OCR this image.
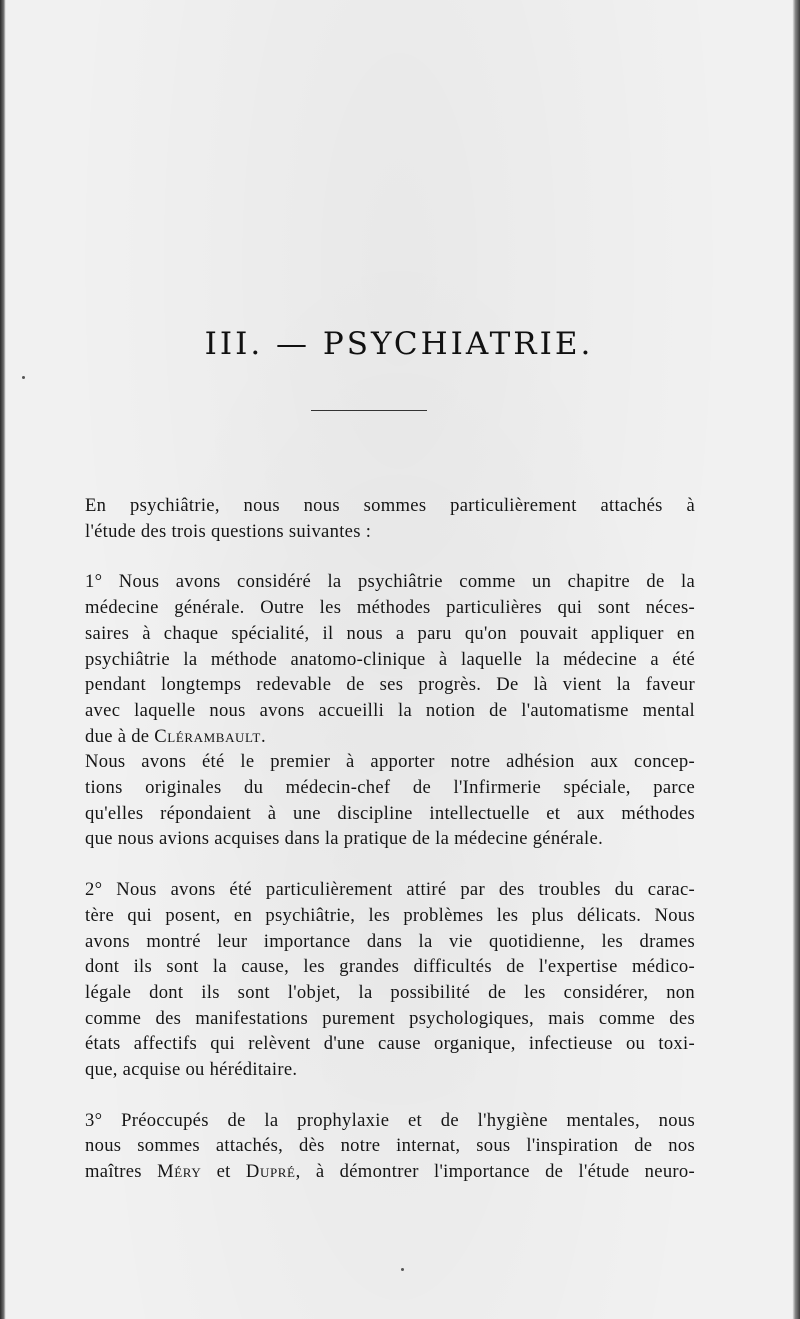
III. — PSYCHIATRIE.

En psychiâtrie, nous nous sommes particulièrement attachés à
l'étude des trois questions suivantes :

1° Nous avons considéré la psychiâtrie comme un chapitre de la
médecine générale. Outre les méthodes particulières qui sont néces-
saires à chaque spécialité, il nous a paru qu'on pouvait appliquer en
psychiâtrie la méthode anatomo-clinique à laquelle la médecine a été
pendant longtemps redevable de ses progrès. De là vient la faveur
avec laquelle nous avons accueilli la notion de l'automatisme mental
due à de Clérambault.

Nous avons été le premier à apporter notre adhésion aux concep-
tions originales du médecin-chef de l'Infirmerie spéciale, parce
qu'elles répondaient à une discipline intellectuelle et aux méthodes
que nous avions acquises dans la pratique de la médecine générale.

2° Nous avons été particulièrement attiré par des troubles du carac-
tère qui posent, en psychiâtrie, les problèmes les plus délicats. Nous
avons montré leur importance dans la vie quotidienne, les drames
dont ils sont la cause, les grandes difficultés de l'expertise médico-
légale dont ils sont l'objet, la possibilité de les considérer, non
comme des manifestations purement psychologiques, mais comme des
états affectifs qui relèvent d'une cause organique, infectieuse ou toxi-
que, acquise ou héréditaire.

3° Préoccupés de la prophylaxie et de l'hygiène mentales, nous
nous sommes attachés, dès notre internat, sous l'inspiration de nos
maîtres Méry et Dupré, à démontrer l'importance de l'étude neuro-
